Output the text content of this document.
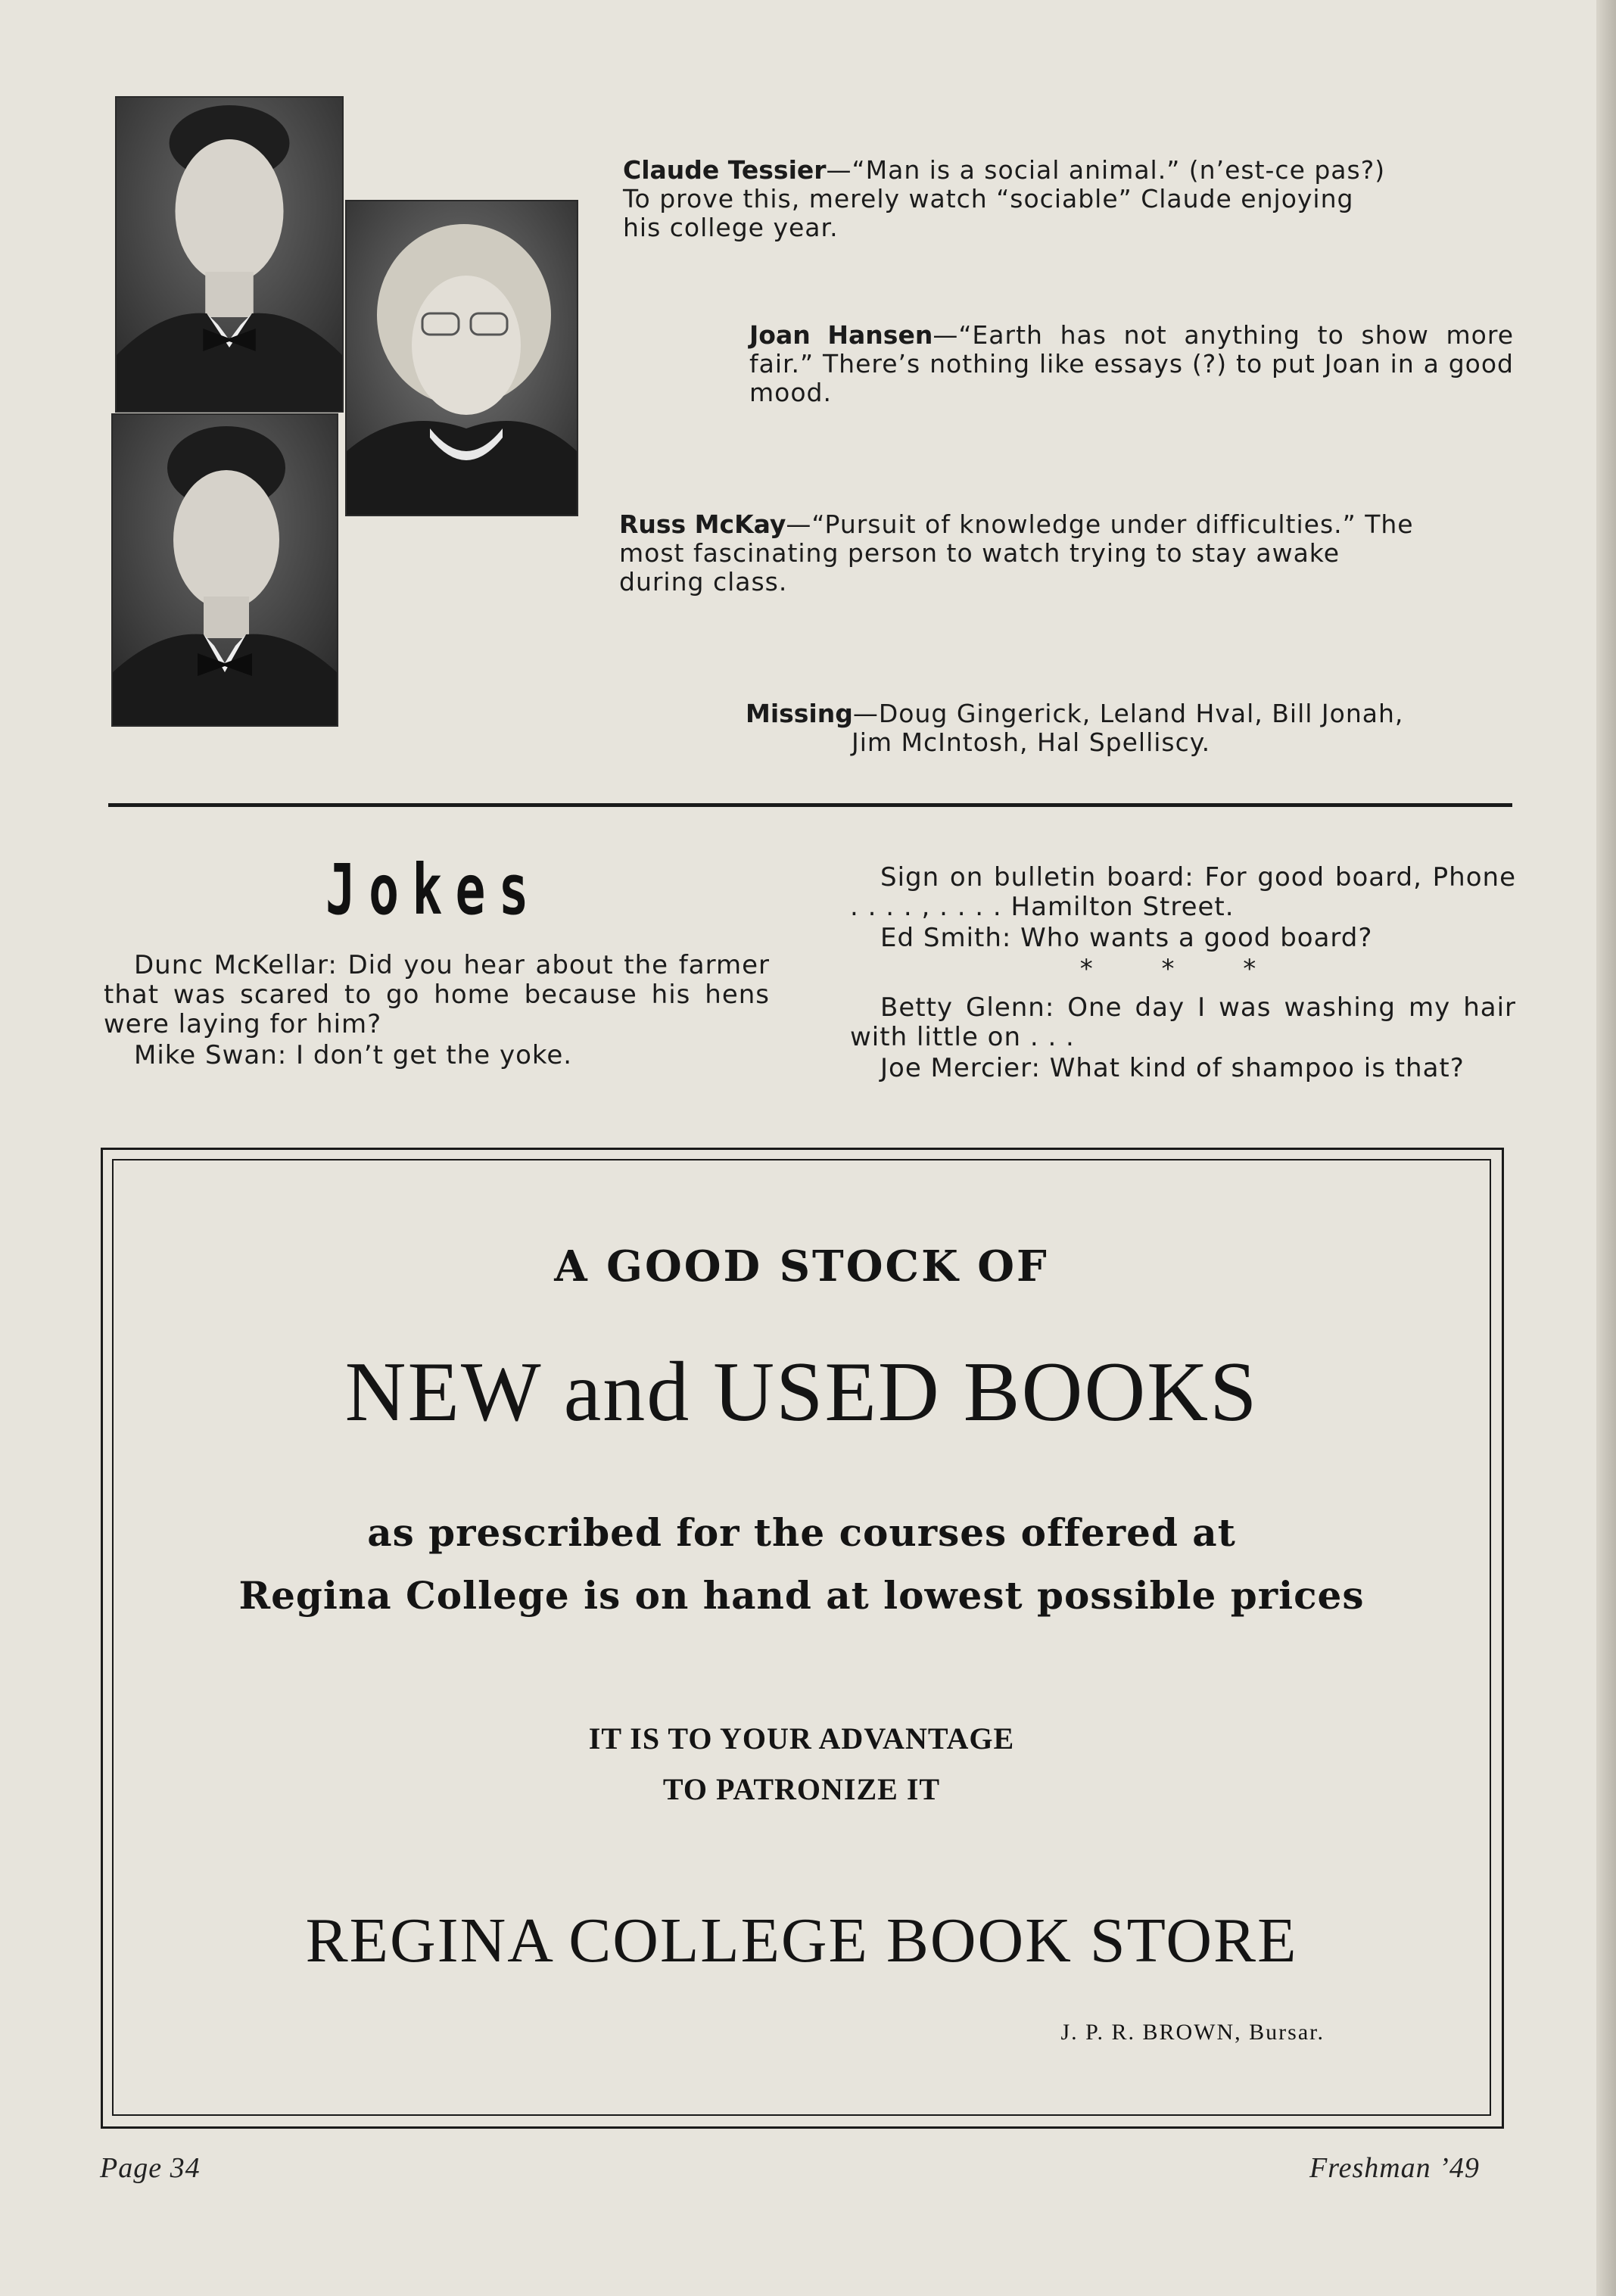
Claude Tessier—“Man is a social animal.” (n’est-ce pas?) To prove this, merely watch “sociable” Claude enjoying his college year.
Joan Hansen—“Earth has not anything to show more fair.” There’s nothing like essays (?) to put Joan in a good mood.
Russ McKay—“Pursuit of knowledge under difficulties.” The most fascinating person to watch trying to stay awake during class.
Missing—Doug Gingerick, Leland Hval, Bill Jonah,
Jim McIntosh, Hal Spelliscy.
Jokes

Dunc McKellar: Did you hear about the farmer that was scared to go home because his hens were laying for him?

Mike Swan: I don’t get the yoke.

Sign on bulletin board: For good board, Phone . . . . , . . . . Hamilton Street.

Ed Smith: Who wants a good board?

* * *

Betty Glenn: One day I was washing my hair with little on . . .

Joe Mercier: What kind of shampoo is that?

A GOOD STOCK OF
NEW and USED BOOKS
as prescribed for the courses offered at
Regina College is on hand at lowest possible prices
IT IS TO YOUR ADVANTAGE
TO PATRONIZE IT
REGINA COLLEGE BOOK STORE
J. P. R. BROWN, Bursar.
Page 34	Freshman ’49
